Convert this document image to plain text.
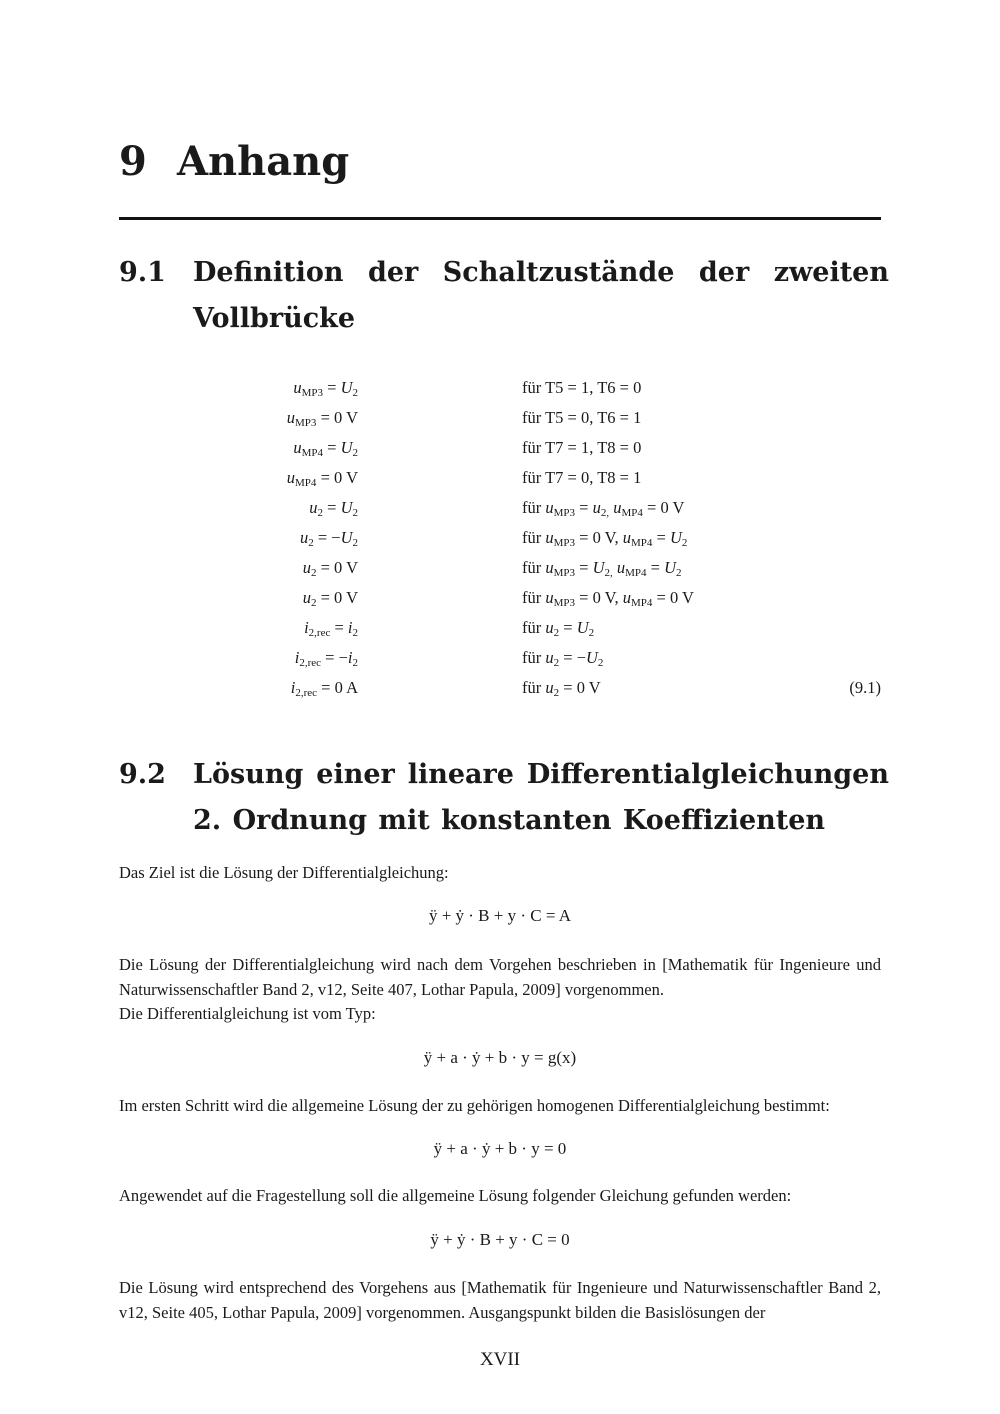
9 Anhang
9.1 Definition der Schaltzustände der zweiten Vollbrücke
$u_{MP3} = U_2$	für T5 = 1, T6 = 0
$u_{MP3} = 0$ V	für T5 = 0, T6 = 1
$u_{MP4} = U_2$	für T7 = 1, T8 = 0
$u_{MP4} = 0$ V	für T7 = 0, T8 = 1
$u_2 = U_2$	für $u_{MP3} = u_{2,}$ $u_{MP4} = 0$ V
$u_2 = -U_2$	für $u_{MP3} = 0$ V, $u_{MP4} = U_2$
$u_2 = 0$ V	für $u_{MP3} = U_{2,}$ $u_{MP4} = U_2$
$u_2 = 0$ V	für $u_{MP3} = 0$ V, $u_{MP4} = 0$ V
$i_{2,rec} = i_2$	für $u_2 = U_2$
$i_{2,rec} = -i_2$	für $u_2 = -U_2$
$i_{2,rec} = 0$ A	für $u_2 = 0$ V	(9.1)
9.2 Lösung einer lineare Differentialgleichungen 2. Ordnung mit konstanten Koeffizienten

Das Ziel ist die Lösung der Differentialgleichung:

ÿ + ẏ · B + y · C = A

Die Lösung der Differentialgleichung wird nach dem Vorgehen beschrieben in [Mathematik für Ingenieure und Naturwissenschaftler Band 2, v12, Seite 407, Lothar Papula, 2009] vorgenommen.

Die Differentialgleichung ist vom Typ:

ÿ + a · ẏ + b · y = g(x)

Im ersten Schritt wird die allgemeine Lösung der zu gehörigen homogenen Differentialgleichung bestimmt:

ÿ + a · ẏ + b · y = 0

Angewendet auf die Fragestellung soll die allgemeine Lösung folgender Gleichung gefunden werden:

ÿ + ẏ · B + y · C = 0

Die Lösung wird entsprechend des Vorgehens aus [Mathematik für Ingenieure und Naturwissenschaftler Band 2, v12, Seite 405, Lothar Papula, 2009] vorgenommen. Ausgangspunkt bilden die Basislösungen der

XVII
